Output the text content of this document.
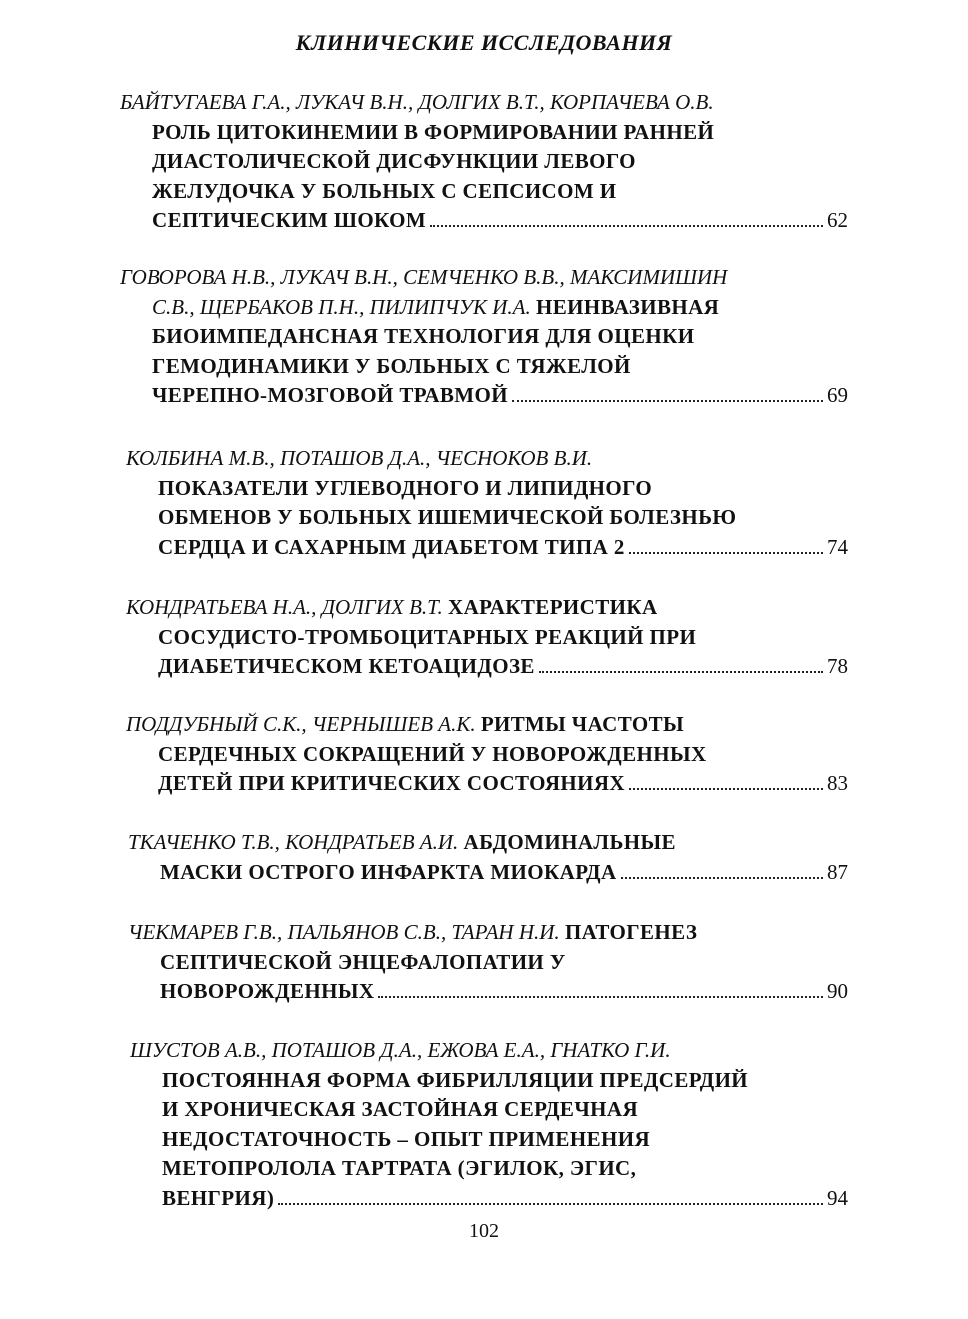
КЛИНИЧЕСКИЕ ИССЛЕДОВАНИЯ
БАЙТУГАЕВА Г.А., ЛУКАЧ В.Н., ДОЛГИХ В.Т., КОРПАЧЕВА О.В.
РОЛЬ ЦИТОКИНЕМИИ В ФОРМИРОВАНИИ РАННЕЙ
ДИАСТОЛИЧЕСКОЙ ДИСФУНКЦИИ ЛЕВОГО
ЖЕЛУДОЧКА У БОЛЬНЫХ С СЕПСИСОМ И
СЕПТИЧЕСКИМ ШОКОМ	62
ГОВОРОВА Н.В., ЛУКАЧ В.Н., СЕМЧЕНКО В.В., МАКСИМИШИН
С.В., ЩЕРБАКОВ П.Н., ПИЛИПЧУК И.А. НЕИНВАЗИВНАЯ
БИОИМПЕДАНСНАЯ ТЕХНОЛОГИЯ ДЛЯ ОЦЕНКИ
ГЕМОДИНАМИКИ У БОЛЬНЫХ С ТЯЖЕЛОЙ
ЧЕРЕПНО-МОЗГОВОЙ ТРАВМОЙ	69
КОЛБИНА М.В., ПОТАШОВ Д.А., ЧЕСНОКОВ В.И.
ПОКАЗАТЕЛИ УГЛЕВОДНОГО И ЛИПИДНОГО
ОБМЕНОВ У БОЛЬНЫХ ИШЕМИЧЕСКОЙ БОЛЕЗНЬЮ
СЕРДЦА И САХАРНЫМ ДИАБЕТОМ ТИПА 2	74
КОНДРАТЬЕВА Н.А., ДОЛГИХ В.Т. ХАРАКТЕРИСТИКА
СОСУДИСТО-ТРОМБОЦИТАРНЫХ РЕАКЦИЙ ПРИ
ДИАБЕТИЧЕСКОМ КЕТОАЦИДОЗЕ	78
ПОДДУБНЫЙ С.К., ЧЕРНЫШЕВ А.К. РИТМЫ ЧАСТОТЫ
СЕРДЕЧНЫХ СОКРАЩЕНИЙ У НОВОРОЖДЕННЫХ
ДЕТЕЙ ПРИ КРИТИЧЕСКИХ СОСТОЯНИЯХ	83
ТКАЧЕНКО Т.В., КОНДРАТЬЕВ А.И. АБДОМИНАЛЬНЫЕ
МАСКИ ОСТРОГО ИНФАРКТА МИОКАРДА	87
ЧЕКМАРЕВ Г.В., ПАЛЬЯНОВ С.В., ТАРАН Н.И. ПАТОГЕНЕЗ
СЕПТИЧЕСКОЙ ЭНЦЕФАЛОПАТИИ У
НОВОРОЖДЕННЫХ	90
ШУСТОВ А.В., ПОТАШОВ Д.А., ЕЖОВА Е.А., ГНАТКО Г.И.
ПОСТОЯННАЯ ФОРМА ФИБРИЛЛЯЦИИ ПРЕДСЕРДИЙ
И ХРОНИЧЕСКАЯ ЗАСТОЙНАЯ СЕРДЕЧНАЯ
НЕДОСТАТОЧНОСТЬ – ОПЫТ ПРИМЕНЕНИЯ
МЕТОПРОЛОЛА ТАРТРАТА (ЭГИЛОК, ЭГИС,
ВЕНГРИЯ)	94
102
